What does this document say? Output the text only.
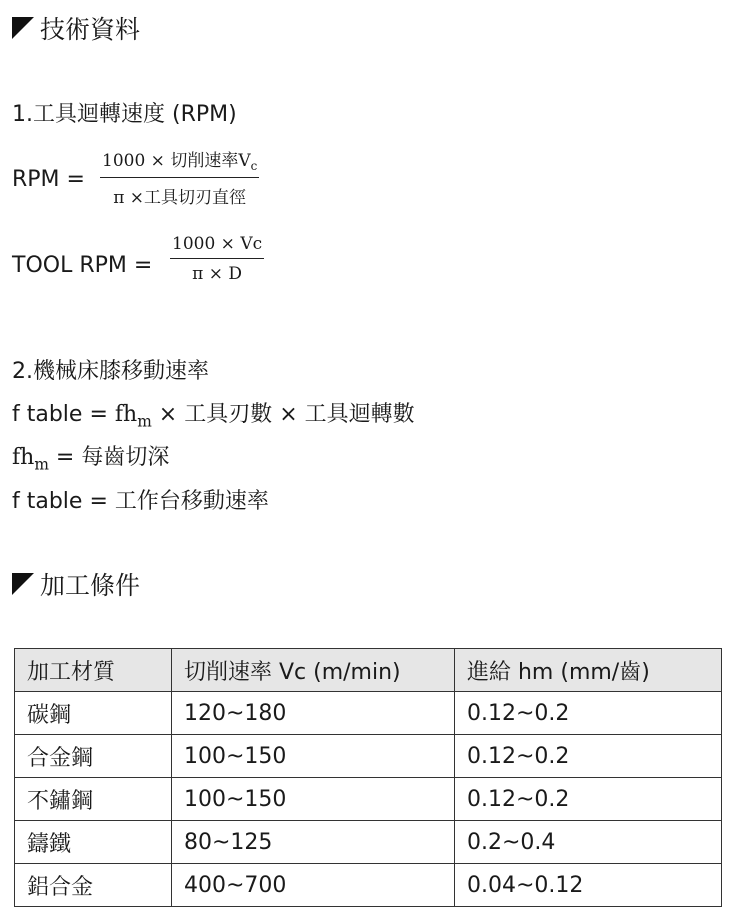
技術資料
1.工具迴轉速度 (RPM)
RPM =
1000 × 切削速率$V_c$
π ×工具切刃直徑
TOOL RPM = $\frac{1000 \times Vc}{\pi \times D}$
2.機械床膝移動速率
f table = $fh_m$ × 工具刃數 × 工具迴轉數
$fh_m$ = 每齒切深
f table = 工作台移動速率
加工條件
加工材質	切削速率 Vc (m/min)	進給 hm (mm/齒)
碳鋼	120~180	0.12~0.2
合金鋼	100~150	0.12~0.2
不鏽鋼	100~150	0.12~0.2
鑄鐵	80~125	0.2~0.4
鋁合金	400~700	0.04~0.12
